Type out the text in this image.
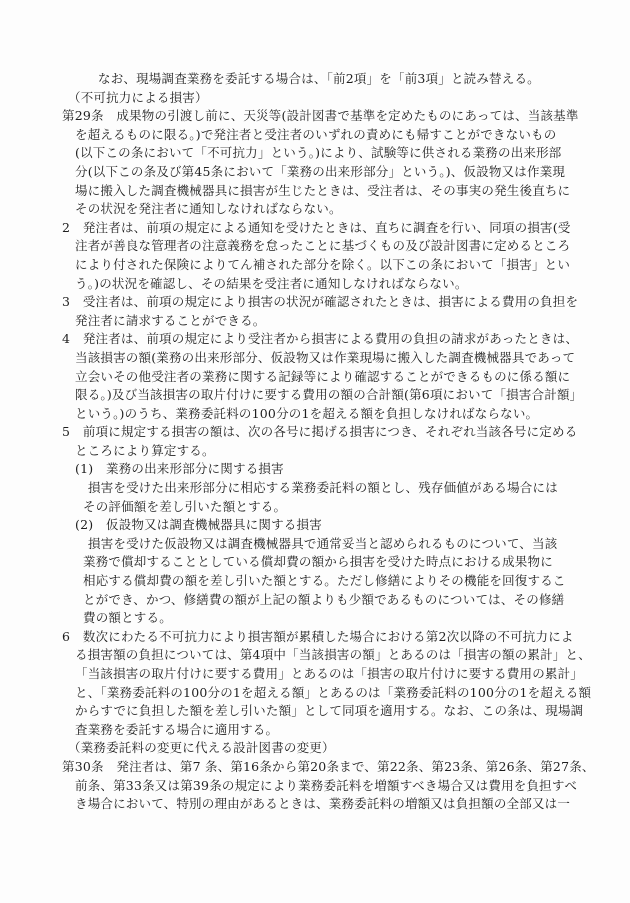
なお、現場調査業務を委託する場合は、「前2項」を「前3項」と読み替える。
（不可抗力による損害）
第29条　成果物の引渡し前に、天災等(設計図書で基準を定めたものにあっては、当該基準
を超えるものに限る。)で発注者と受注者のいずれの責めにも帰すことができないもの
(以下この条において「不可抗力」という。)により、試験等に供される業務の出来形部
分(以下この条及び第45条において「業務の出来形部分」という。)、仮設物又は作業現
場に搬入した調査機械器具に損害が生じたときは、受注者は、その事実の発生後直ちに
その状況を発注者に通知しなければならない。
2　発注者は、前項の規定による通知を受けたときは、直ちに調査を行い、同項の損害(受
注者が善良な管理者の注意義務を怠ったことに基づくもの及び設計図書に定めるところ
により付された保険によりてん補された部分を除く。以下この条において「損害」とい
う。)の状況を確認し、その結果を受注者に通知しなければならない。
3　受注者は、前項の規定により損害の状況が確認されたときは、損害による費用の負担を
発注者に請求することができる。
4　発注者は、前項の規定により受注者から損害による費用の負担の請求があったときは、
当該損害の額(業務の出来形部分、仮設物又は作業現場に搬入した調査機械器具であって
立会いその他受注者の業務に関する記録等により確認することができるものに係る額に
限る。)及び当該損害の取片付けに要する費用の額の合計額(第6項において「損害合計額」
という。)のうち、業務委託料の100分の1を超える額を負担しなければならない。
5　前項に規定する損害の額は、次の各号に掲げる損害につき、それぞれ当該各号に定める
ところにより算定する。
(1)　業務の出来形部分に関する損害
損害を受けた出来形部分に相応する業務委託料の額とし、残存価値がある場合には
その評価額を差し引いた額とする。
(2)　仮設物又は調査機械器具に関する損害
損害を受けた仮設物又は調査機械器具で通常妥当と認められるものについて、当該
業務で償却することとしている償却費の額から損害を受けた時点における成果物に
相応する償却費の額を差し引いた額とする。ただし修繕によりその機能を回復するこ
とができ、かつ、修繕費の額が上記の額よりも少額であるものについては、その修繕
費の額とする。
6　数次にわたる不可抗力により損害額が累積した場合における第2次以降の不可抗力によ
る損害額の負担については、第4項中「当該損害の額」とあるのは「損害の額の累計」と、
「当該損害の取片付けに要する費用」とあるのは「損害の取片付けに要する費用の累計」
と、「業務委託料の100分の1を超える額」とあるのは「業務委託料の100分の1を超える額
からすでに負担した額を差し引いた額」として同項を適用する。なお、この条は、現場調
査業務を委託する場合に適用する。
（業務委託料の変更に代える設計図書の変更）
第30条　発注者は、第7 条、第16条から第20条まで、第22条、第23条、第26条、第27条、
前条、第33条又は第39条の規定により業務委託料を増額すべき場合又は費用を負担すべ
き場合において、特別の理由があるときは、業務委託料の増額又は負担額の全部又は一
